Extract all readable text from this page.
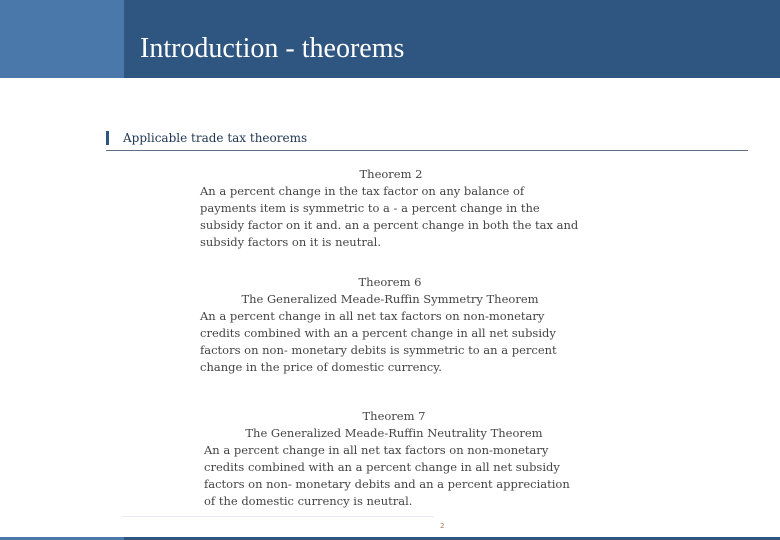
Introduction - theorems
Applicable trade tax theorems
Theorem 2
An a percent change in the tax factor on any balance of payments item is symmetric to a - a percent change in the subsidy factor on it and. an a percent change in both the tax and subsidy factors on it is neutral.
Theorem 6
The Generalized Meade-Ruffin Symmetry Theorem
An a percent change in all net tax factors on non-monetary credits combined with an a percent change in all net subsidy factors on non- monetary debits is symmetric to an a percent change in the price of domestic currency.
Theorem 7
The Generalized Meade-Ruffin Neutrality Theorem
An a percent change in all net tax factors on non-monetary credits combined with an a percent change in all net subsidy factors on non- monetary debits and an a percent appreciation of the domestic currency is neutral.
2
